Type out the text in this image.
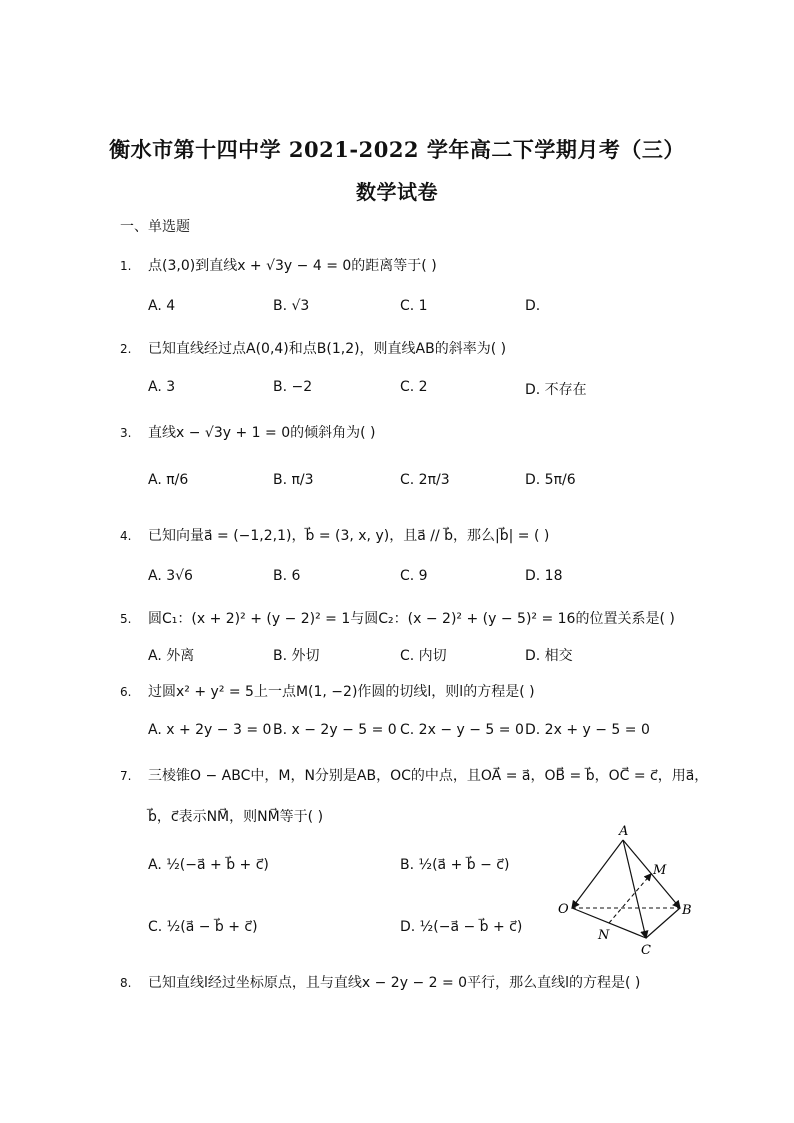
衡水市第十四中学 2021-2022 学年高二下学期月考（三）
数学试卷
一、单选题
1. 点(3,0)到直线x + √3y − 4 = 0的距离等于( )
A. 4	B. √3	C. 1	D.
2. 已知直线经过点A(0,4)和点B(1,2)，则直线AB的斜率为( )
A. 3	B. −2	C. 2	D. 不存在
3. 直线x − √3y + 1 = 0的倾斜角为( )
A. π/6	B. π/3	C. 2π/3	D. 5π/6
4. 已知向量a⃗ = (−1,2,1)，b⃗ = (3, x, y)，且a⃗ // b⃗，那么|b⃗| = ( )
A. 3√6	B. 6	C. 9	D. 18
5. 圆C₁：(x + 2)² + (y − 2)² = 1与圆C₂：(x − 2)² + (y − 5)² = 16的位置关系是( )
A. 外离	B. 外切	C. 内切	D. 相交
6. 过圆x² + y² = 5上一点M(1, −2)作圆的切线l，则l的方程是( )
A. x + 2y − 3 = 0 B. x − 2y − 5 = 0 C. 2x − y − 5 = 0 D. 2x + y − 5 = 0
7. 三棱锥O − ABC中，M，N分别是AB，OC的中点，且OA⃗ = a⃗，OB⃗ = b⃗，OC⃗ = c⃗，用a⃗，
b⃗，c⃗表示NM⃗，则NM⃗等于( )
A. ½(−a⃗ + b⃗ + c⃗)	B. ½(a⃗ + b⃗ − c⃗)
C. ½(a⃗ − b⃗ + c⃗)	D. ½(−a⃗ − b⃗ + c⃗)
A
O	B
C
M
N
8. 已知直线l经过坐标原点，且与直线x − 2y − 2 = 0平行，那么直线l的方程是( )
